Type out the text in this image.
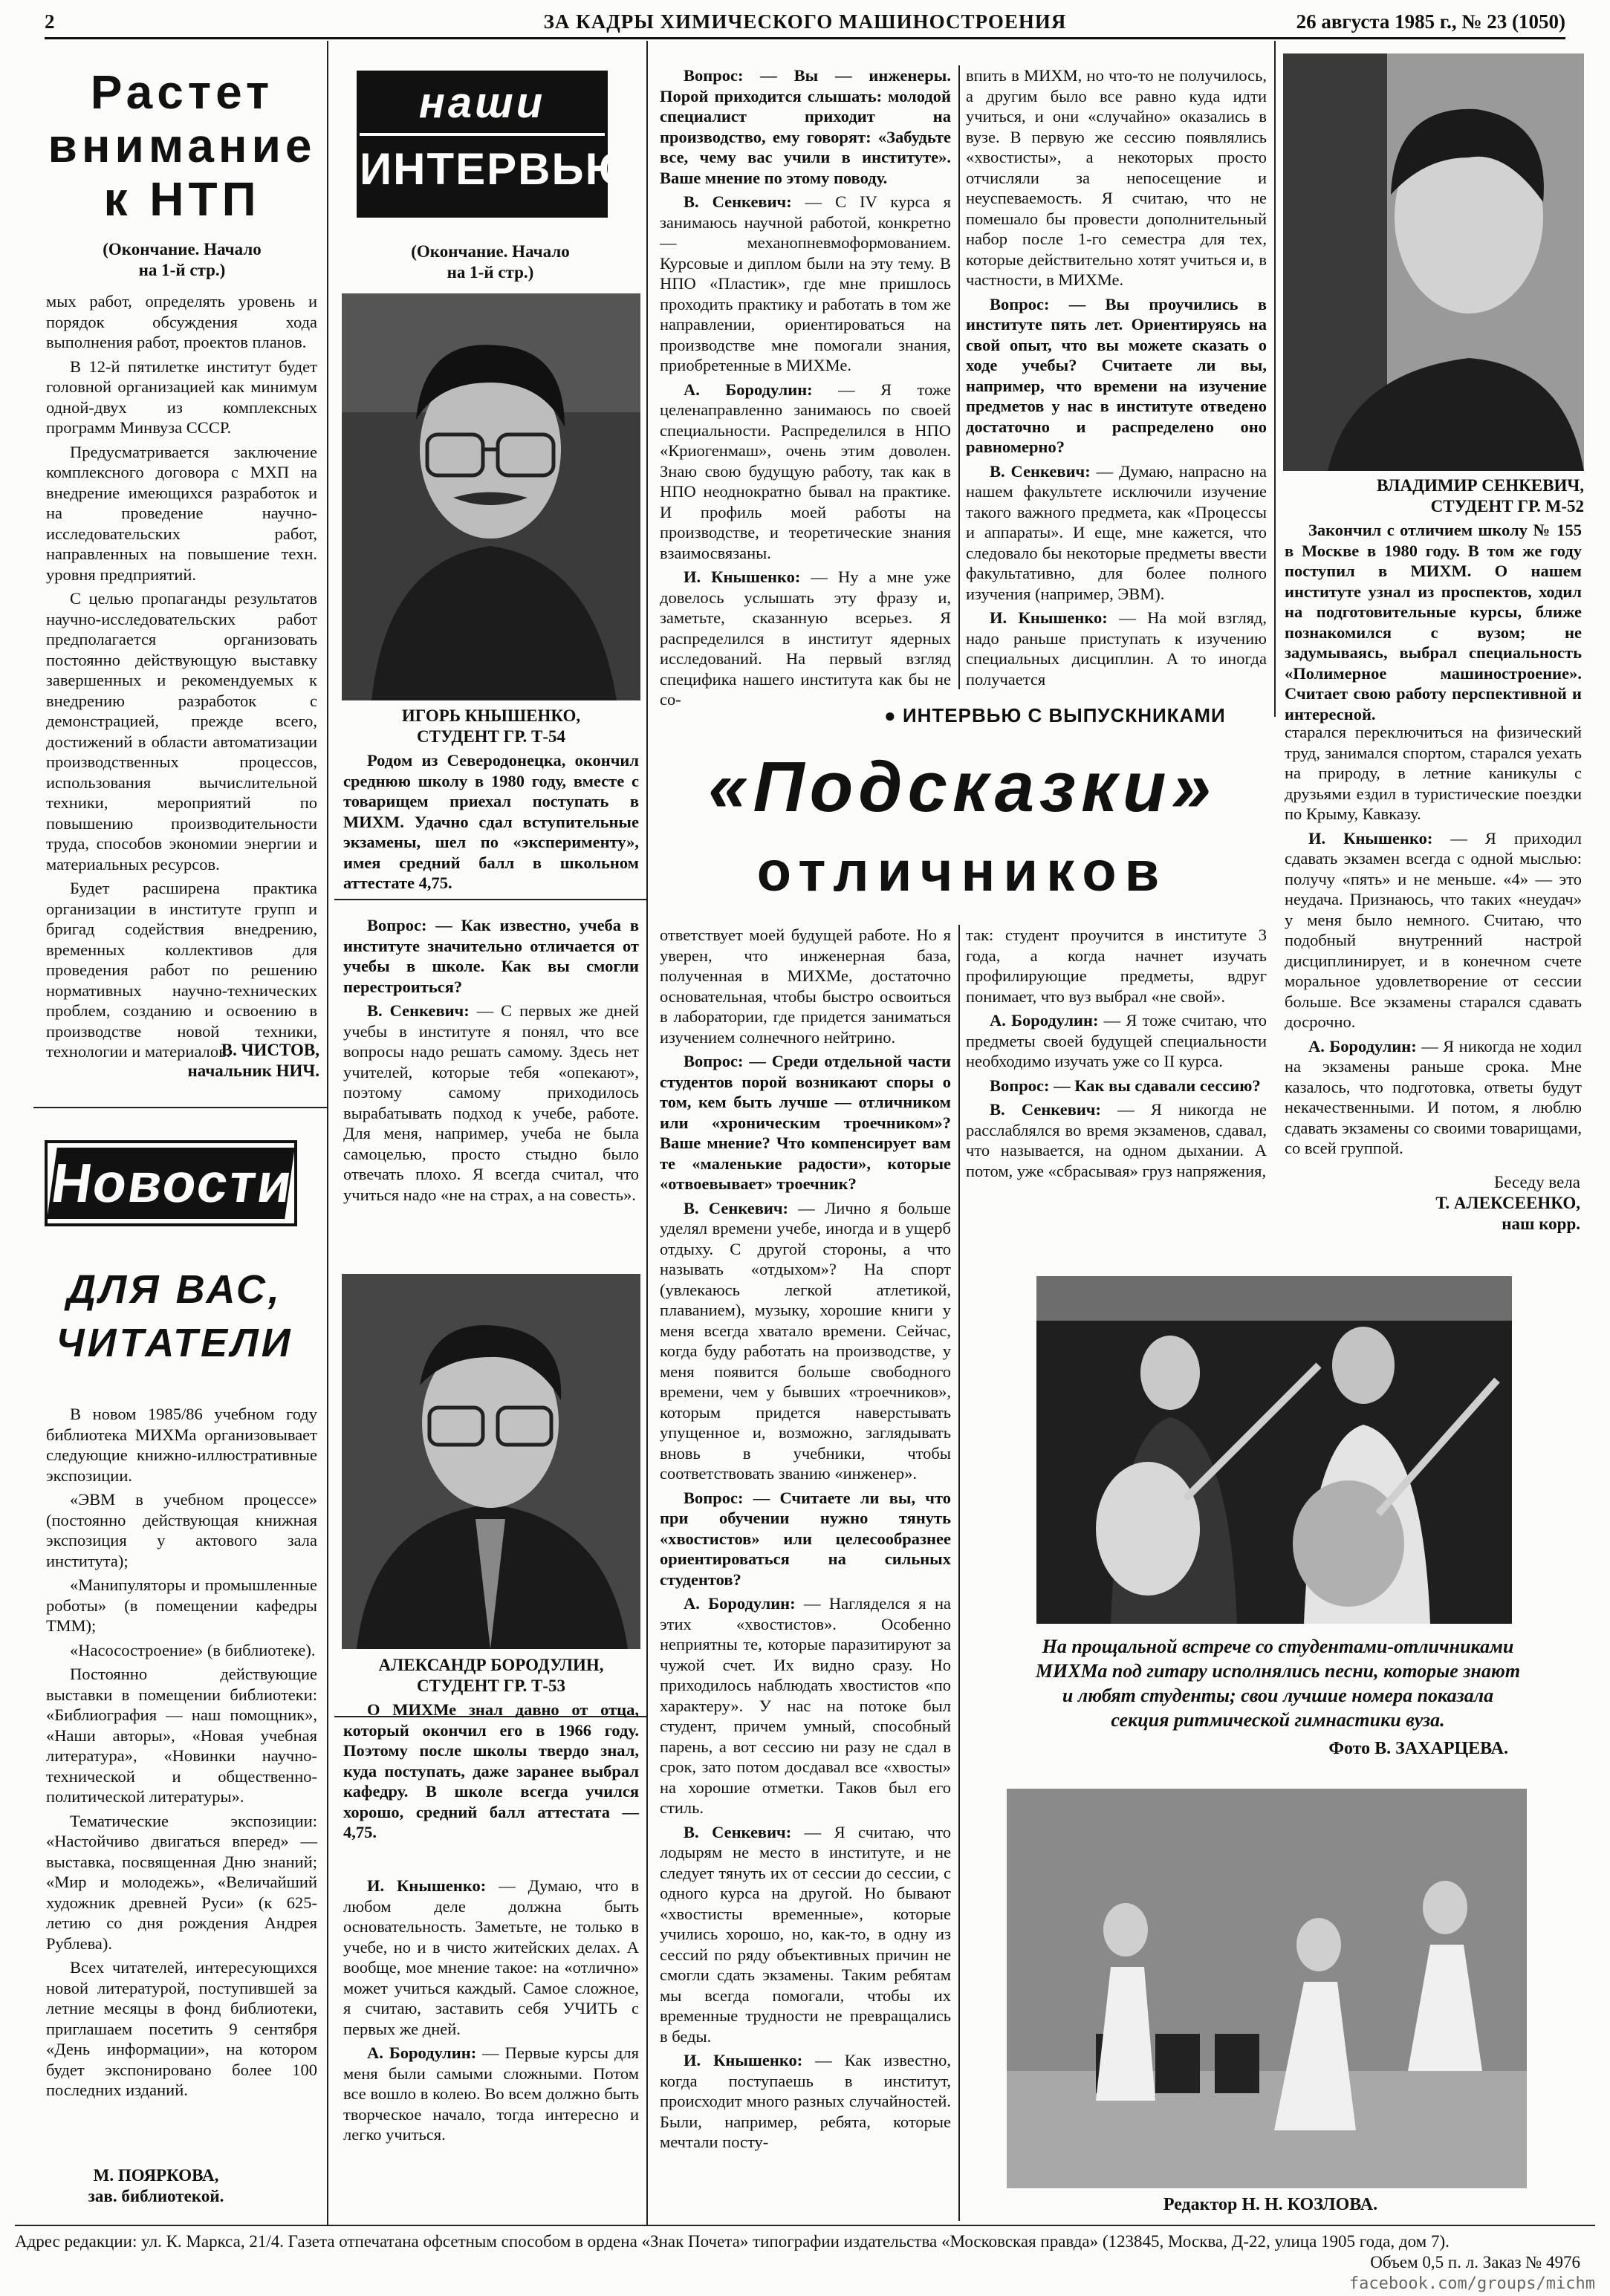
2	ЗА КАДРЫ ХИМИЧЕСКОГО МАШИНОСТРОЕНИЯ	26 августа 1985 г., № 23 (1050)
Растет
внимание
к НТП
(Окончание. Начало
на 1-й стр.)

мых работ, определять уровень и порядок обсуждения хода выполнения работ, проектов планов.

В 12-й пятилетке институт будет головной организацией как минимум одной-двух из комплексных программ Минвуза СССР.

Предусматривается заключение комплексного договора с МХП на внедрение имеющихся разработок и на проведение научно-исследовательских работ, направленных на повышение техн. уровня предприятий.

С целью пропаганды результатов научно-исследовательских работ предполагается организовать постоянно действующую выставку завершенных и рекомендуемых к внедрению разработок с демонстрацией, прежде всего, достижений в области автоматизации производственных процессов, использования вычислительной техники, мероприятий по повышению производительности труда, способов экономии энергии и материальных ресурсов.

Будет расширена практика организации в институте групп и бригад содействия внедрению, временных коллективов для проведения работ по решению нормативных научно-технических проблем, созданию и освоению в производстве новой техники, технологии и материалов.

В. ЧИСТОВ,
начальник НИЧ.
Новости
ДЛЯ ВАС,
ЧИТАТЕЛИ

В новом 1985/86 учебном году библиотека МИХМа организовывает следующие книжно-иллюстративные экспозиции.

«ЭВМ в учебном процессе» (постоянно действующая книжная экспозиция у актового зала института);

«Манипуляторы и промышленные роботы» (в помещении кафедры ТММ);

«Насосостроение» (в библиотеке).

Постоянно действующие выставки в помещении библиотеки: «Библиография — наш помощник», «Наши авторы», «Новая учебная литература», «Новинки научно-технической и общественно-политической литературы».

Тематические экспозиции: «Настойчиво двигаться вперед» — выставка, посвященная Дню знаний; «Мир и молодежь», «Величайший художник древней Руси» (к 625-летию со дня рождения Андрея Рублева).

Всех читателей, интересующихся новой литературой, поступившей за летние месяцы в фонд библиотеки, приглашаем посетить 9 сентября «День информации», на котором будет экспонировано более 100 последних изданий.

М. ПОЯРКОВА,
зав. библиотекой.
наши
ИНТЕРВЬЮ
(Окончание. Начало
на 1-й стр.)
ИГОРЬ КНЫШЕНКО,
СТУДЕНТ ГР. Т-54
Родом из Северодонецка, окончил среднюю школу в 1980 году, вместе с товарищем приехал поступать в МИХМ. Удачно сдал вступительные экзамены, шел по «эксперименту», имея средний балл в школьном аттестате 4,75.

Вопрос: — Как известно, учеба в институте значительно отличается от учебы в школе. Как вы смогли перестроиться?

В. Сенкевич: — С первых же дней учебы в институте я понял, что все вопросы надо решать самому. Здесь нет учителей, которые тебя «опекают», поэтому самому приходилось вырабатывать подход к учебе, работе. Для меня, например, учеба не была самоцелью, просто стыдно было отвечать плохо. Я всегда считал, что учиться надо «не на страх, а на совесть».

АЛЕКСАНДР БОРОДУЛИН,
СТУДЕНТ ГР. Т-53
О МИХМе знал давно от отца, который окончил его в 1966 году. Поэтому после школы твердо знал, куда поступать, даже заранее выбрал кафедру. В школе всегда учился хорошо, средний балл аттестата — 4,75.

И. Кнышенко: — Думаю, что в любом деле должна быть основательность. Заметьте, не только в учебе, но и в чисто житейских делах. А вообще, мое мнение такое: на «отлично» может учиться каждый. Самое сложное, я считаю, заставить себя УЧИТЬ с первых же дней.

А. Бородулин: — Первые курсы для меня были самыми сложными. Потом все вошло в колею. Во всем должно быть творческое начало, тогда интересно и легко учиться.

Вопрос: — Вы — инженеры. Порой приходится слышать: молодой специалист приходит на производство, ему говорят: «Забудьте все, чему вас учили в институте». Ваше мнение по этому поводу.

В. Сенкевич: — С IV курса я занимаюсь научной работой, конкретно — механопневмоформованием. Курсовые и диплом были на эту тему. В НПО «Пластик», где мне пришлось проходить практику и работать в том же направлении, ориентироваться на производстве мне помогали знания, приобретенные в МИХМе.

А. Бородулин: — Я тоже целенаправленно занимаюсь по своей специальности. Распределился в НПО «Криогенмаш», очень этим доволен. Знаю свою будущую работу, так как в НПО неоднократно бывал на практике. И профиль моей работы на производстве, и теоретические знания взаимосвязаны.

И. Кнышенко: — Ну а мне уже довелось услышать эту фразу и, заметьте, сказанную всерьез. Я распределился в институт ядерных исследований. На первый взгляд специфика нашего института как бы не со-

впить в МИХМ, но что-то не получилось, а другим было все равно куда идти учиться, и они «случайно» оказались в вузе. В первую же сессию появлялись «хвостисты», а некоторых просто отчисляли за непосещение и неуспеваемость. Я считаю, что не помешало бы провести дополнительный набор после 1-го семестра для тех, которые действительно хотят учиться и, в частности, в МИХМе.

Вопрос: — Вы проучились в институте пять лет. Ориентируясь на свой опыт, что вы можете сказать о ходе учебы? Считаете ли вы, например, что времени на изучение предметов у нас в институте отведено достаточно и распределено оно равномерно?

В. Сенкевич: — Думаю, напрасно на нашем факультете исключили изучение такого важного предмета, как «Процессы и аппараты». И еще, мне кажется, что следовало бы некоторые предметы ввести факультативно, для более полного изучения (например, ЭВМ).

И. Кнышенко: — На мой взгляд, надо раньше приступать к изучению специальных дисциплин. А то иногда получается

● ИНТЕРВЬЮ С ВЫПУСКНИКАМИ
«Подсказки»
отличников

ответствует моей будущей работе. Но я уверен, что инженерная база, полученная в МИХМе, достаточно основательная, чтобы быстро освоиться в лаборатории, где придется заниматься изучением солнечного нейтрино.

Вопрос: — Среди отдельной части студентов порой возникают споры о том, кем быть лучше — отличником или «хроническим троечником»? Ваше мнение? Что компенсирует вам те «маленькие радости», которые «отвоевывает» троечник?

В. Сенкевич: — Лично я больше уделял времени учебе, иногда и в ущерб отдыху. С другой стороны, а что называть «отдыхом»? На спорт (увлекаюсь легкой атлетикой, плаванием), музыку, хорошие книги у меня всегда хватало времени. Сейчас, когда буду работать на производстве, у меня появится больше свободного времени, чем у бывших «троечников», которым придется наверстывать упущенное и, возможно, заглядывать вновь в учебники, чтобы соответствовать званию «инженер».

Вопрос: — Считаете ли вы, что при обучении нужно тянуть «хвостистов» или целесообразнее ориентироваться на сильных студентов?

А. Бородулин: — Нагляделся я на этих «хвостистов». Особенно неприятны те, которые паразитируют за чужой счет. Их видно сразу. Но приходилось наблюдать хвостистов «по характеру». У нас на потоке был студент, причем умный, способный парень, а вот сессию ни разу не сдал в срок, зато потом досдавал все «хвосты» на хорошие отметки. Таков был его стиль.

В. Сенкевич: — Я считаю, что лодырям не место в институте, и не следует тянуть их от сессии до сессии, с одного курса на другой. Но бывают «хвостисты временные», которые учились хорошо, но, как-то, в одну из сессий по ряду объективных причин не смогли сдать экзамены. Таким ребятам мы всегда помогали, чтобы их временные трудности не превращались в беды.

И. Кнышенко: — Как известно, когда поступаешь в институт, происходит много разных случайностей. Были, например, ребята, которые мечтали посту-

так: студент проучится в институте 3 года, а когда начнет изучать профилирующие предметы, вдруг понимает, что вуз выбрал «не свой».

А. Бородулин: — Я тоже считаю, что предметы своей будущей специальности необходимо изучать уже со II курса.

Вопрос: — Как вы сдавали сессию?

В. Сенкевич: — Я никогда не расслаблялся во время экзаменов, сдавал, что называется, на одном дыхании. А потом, уже «сбрасывая» груз напряжения,

ВЛАДИМИР СЕНКЕВИЧ,
СТУДЕНТ ГР. М-52
Закончил с отличием школу № 155 в Москве в 1980 году. В том же году поступил в МИХМ. О нашем институте узнал из проспектов, ходил на подготовительные курсы, ближе познакомился с вузом; не задумываясь, выбрал специальность «Полимерное машиностроение». Считает свою работу перспективной и интересной.

старался переключиться на физический труд, занимался спортом, старался уехать на природу, в летние каникулы с друзьями ездил в туристические поездки по Крыму, Кавказу.

И. Кнышенко: — Я приходил сдавать экзамен всегда с одной мыслью: получу «пять» и не меньше. «4» — это неудача. Признаюсь, что таких «неудач» у меня было немного. Считаю, что подобный внутренний настрой дисциплинирует, и в конечном счете моральное удовлетворение от сессии больше. Все экзамены старался сдавать досрочно.

А. Бородулин: — Я никогда не ходил на экзамены раньше срока. Мне казалось, что подготовка, ответы будут некачественными. И потом, я люблю сдавать экзамены со своими товарищами, со всей группой.

Беседу вела
Т. АЛЕКСЕЕНКО,
наш корр.
На прощальной встрече со студентами-отличниками МИХМа под гитару исполнялись песни, которые знают и любят студенты; свои лучшие номера показала секция ритмической гимнастики вуза.
Фото В. ЗАХАРЦЕВА.
Редактор Н. Н. КОЗЛОВА.
Адрес редакции: ул. К. Маркса, 21/4. Газета отпечатана офсетным способом в ордена «Знак Почета» типографии издательства «Московская правда» (123845, Москва, Д-22, улица 1905 года, дом 7).
Объем 0,5 п. л. Заказ № 4976
facebook.com/groups/michm
